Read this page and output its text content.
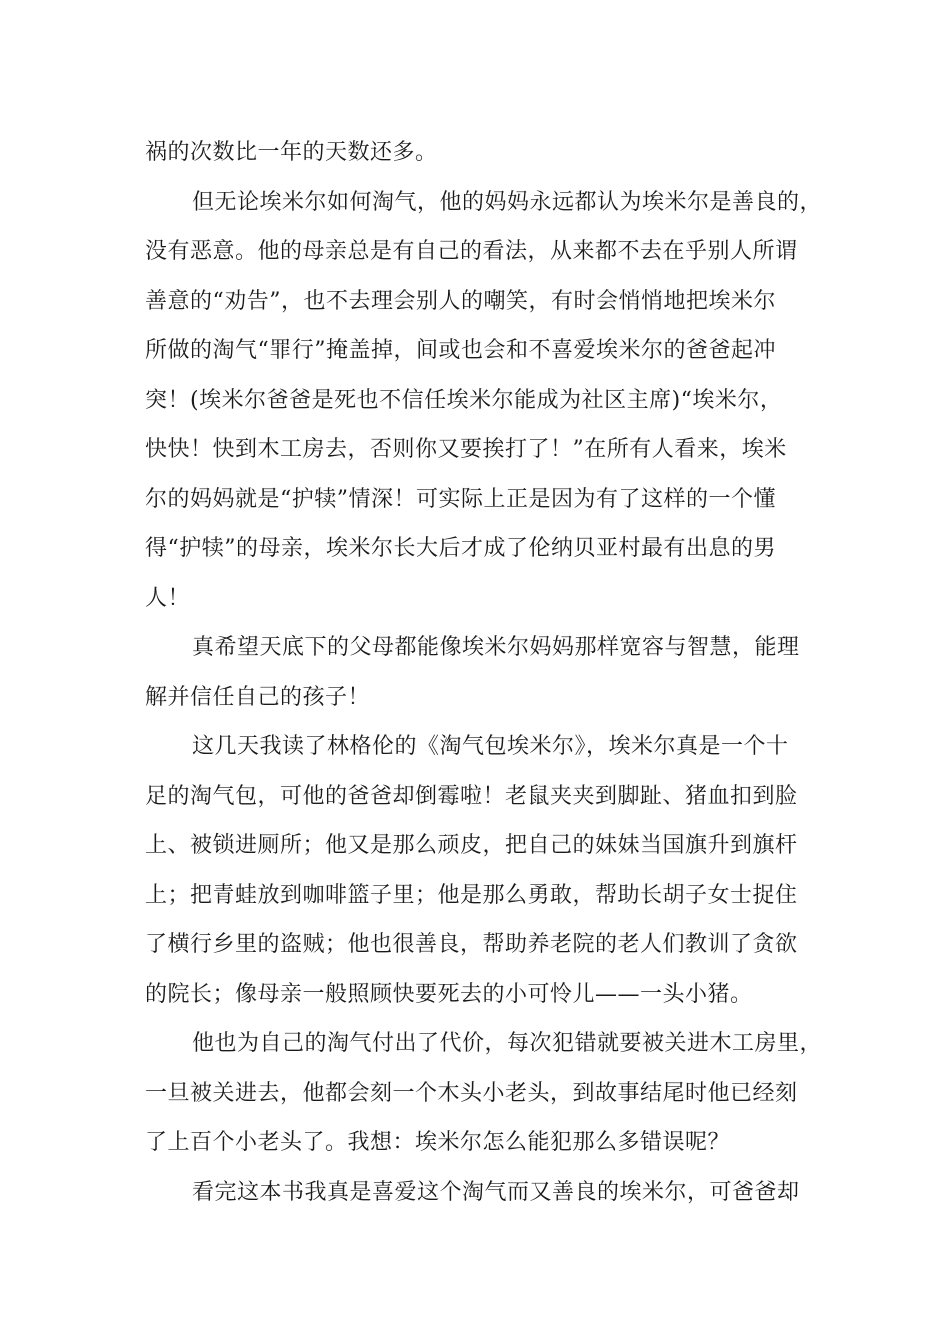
祸的次数比一年的天数还多。
但无论埃米尔如何淘气，他的妈妈永远都认为埃米尔是善良的，
没有恶意。他的母亲总是有自己的看法，从来都不去在乎别人所谓
善意的“劝告”，也不去理会别人的嘲笑，有时会悄悄地把埃米尔
所做的淘气“罪行”掩盖掉，间或也会和不喜爱埃米尔的爸爸起冲
突！(埃米尔爸爸是死也不信任埃米尔能成为社区主席)“埃米尔，
快快！快到木工房去，否则你又要挨打了！”在所有人看来，埃米
尔的妈妈就是“护犊”情深！可实际上正是因为有了这样的一个懂
得“护犊”的母亲，埃米尔长大后才成了伦纳贝亚村最有出息的男
人！
真希望天底下的父母都能像埃米尔妈妈那样宽容与智慧，能理
解并信任自己的孩子！
这几天我读了林格伦的《淘气包埃米尔》，埃米尔真是一个十
足的淘气包，可他的爸爸却倒霉啦！老鼠夹夹到脚趾、猪血扣到脸
上、被锁进厕所；他又是那么顽皮，把自己的妹妹当国旗升到旗杆
上；把青蛙放到咖啡篮子里；他是那么勇敢，帮助长胡子女士捉住
了横行乡里的盗贼；他也很善良，帮助养老院的老人们教训了贪欲
的院长；像母亲一般照顾快要死去的小可怜儿——一头小猪。
他也为自己的淘气付出了代价，每次犯错就要被关进木工房里，
一旦被关进去，他都会刻一个木头小老头，到故事结尾时他已经刻
了上百个小老头了。我想：埃米尔怎么能犯那么多错误呢？
看完这本书我真是喜爱这个淘气而又善良的埃米尔，可爸爸却
